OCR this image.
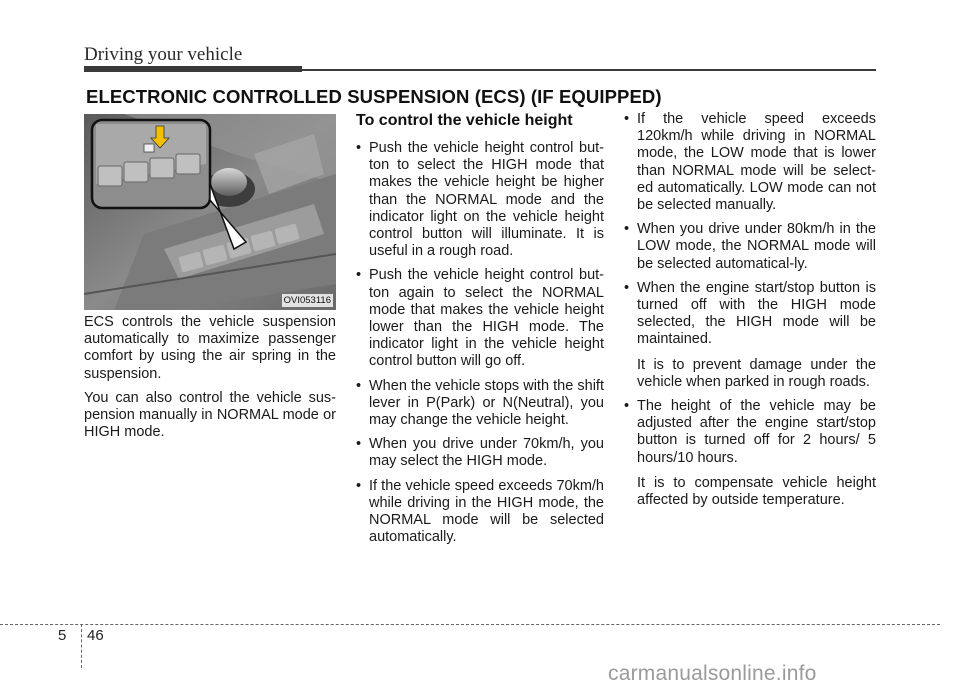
Driving your vehicle
ELECTRONIC CONTROLLED SUSPENSION (ECS) (IF EQUIPPED)
OVI053116

ECS controls the vehicle suspension automatically to maximize passenger comfort by using the air spring in the suspension.

You can also control the vehicle sus-pension manually in NORMAL mode or HIGH mode.

To control the vehicle height
• Push the vehicle height control but-ton to select the HIGH mode that makes the vehicle height be higher than the NORMAL mode and the indicator light on the vehicle height control button will illuminate. It is useful in a rough road.
• Push the vehicle height control but-ton again to select the NORMAL mode that makes the vehicle height lower than the HIGH mode. The indicator light in the vehicle height control button will go off.
• When the vehicle stops with the shift lever in P(Park) or N(Neutral), you may change the vehicle height.
• When you drive under 70km/h, you may select the HIGH mode.
• If the vehicle speed exceeds 70km/h while driving in the HIGH mode, the NORMAL mode will be selected automatically.
• If the vehicle speed exceeds 120km/h while driving in NORMAL mode, the LOW mode that is lower than NORMAL mode will be select-ed automatically. LOW mode can not be selected manually.
• When you drive under 80km/h in the LOW mode, the NORMAL mode will be selected automatical-ly.
• When the engine start/stop button is turned off with the HIGH mode selected, the HIGH mode will be maintained.
It is to prevent damage under the vehicle when parked in rough roads.
• The height of the vehicle may be adjusted after the engine start/stop button is turned off for 2 hours/ 5 hours/10 hours.
It is to compensate vehicle height affected by outside temperature.
5 46
carmanualsonline.info
